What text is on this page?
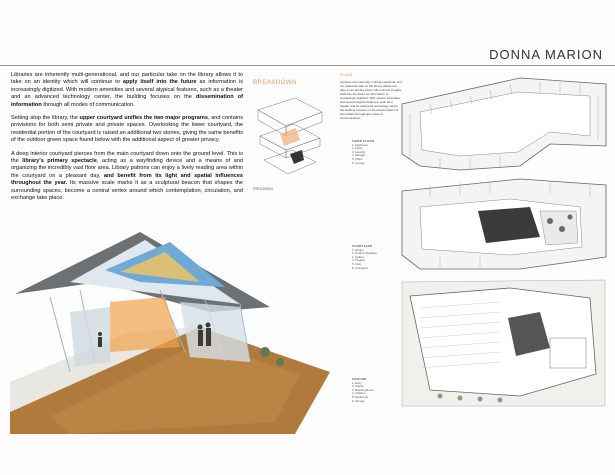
DONNA MARION

Libraries are inherently multi-generational, and our particular take on the library allows it to take on an identity which will continue to apply itself into the future as information is increasingly digitized. With modern amenities and several atypical features, such as a theater and an advanced technology center, the building focuses on the dissemination of information through all modes of communication.

Setting atop the library, the upper courtyard unifies the two major programs, and contains provisions for both semi private and private spaces. Overlooking the lower courtyard, the residential portion of the courtyard is raised an additional two stories, giving the same benefits of the outdoor green space found below with the additional aspect of greater privacy.

A deep interior courtyard pierces from the main courtyard down onto the ground level. This is the library's primary spectacle, acting as a wayfinding device and a means of and organizing the incredibly vast floor area. Library patrons can enjoy a lively reading area within the courtyard on a pleasant day, and benefit from its light and spatial influences throughout the year. Its massive scale marks it as a sculptural beacon that shapes the surrounding spaces, become a central vertex around which contemplation, circulation, and exchange take place.

BREAKDOWN
PROGRAM
PLANS
Libraries are inherently multi-generational, and our particular take on the library allows it to take on an identity which will continue to apply itself into the future as information is increasingly digitized. With modern amenities and several atypical features, such as a theater and an advanced technology center, the building focuses on the dissemination of information through all modes of communication.
THIRD FLOOR
1. Apartment
2. Lobby
3. Laundry
4. Storage
5. Office
6. Lounge
COURTYARD
1. Library
2. Outdoor Reading
3. Gallery
4. Theater
5. Café
6. Courtyard
GROUND
1. Entry
2. Stacks
3. Reading Room
4. Children
5. Media Lab
6. Service
